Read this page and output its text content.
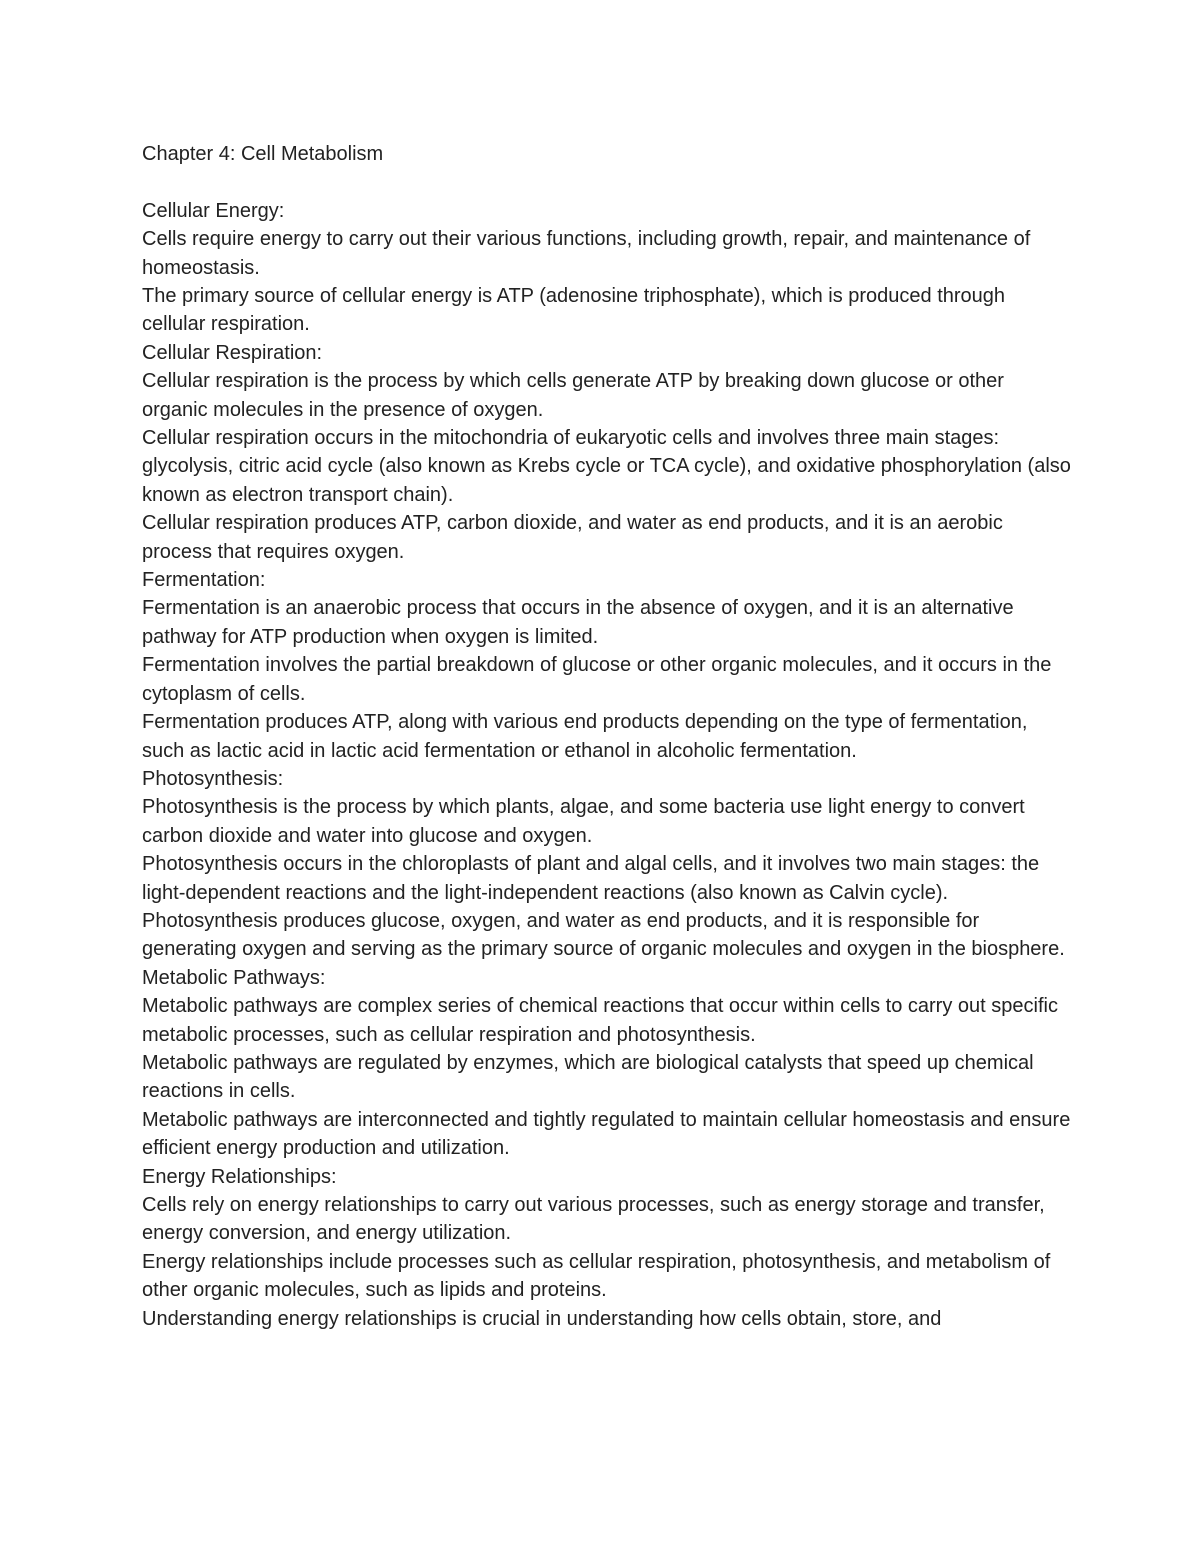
Chapter 4: Cell Metabolism

Cellular Energy:

Cells require energy to carry out their various functions, including growth, repair, and maintenance of homeostasis.

The primary source of cellular energy is ATP (adenosine triphosphate), which is produced through cellular respiration.

Cellular Respiration:

Cellular respiration is the process by which cells generate ATP by breaking down glucose or other organic molecules in the presence of oxygen.

Cellular respiration occurs in the mitochondria of eukaryotic cells and involves three main stages: glycolysis, citric acid cycle (also known as Krebs cycle or TCA cycle), and oxidative phosphorylation (also known as electron transport chain).

Cellular respiration produces ATP, carbon dioxide, and water as end products, and it is an aerobic process that requires oxygen.

Fermentation:

Fermentation is an anaerobic process that occurs in the absence of oxygen, and it is an alternative pathway for ATP production when oxygen is limited.

Fermentation involves the partial breakdown of glucose or other organic molecules, and it occurs in the cytoplasm of cells.

Fermentation produces ATP, along with various end products depending on the type of fermentation, such as lactic acid in lactic acid fermentation or ethanol in alcoholic fermentation.

Photosynthesis:

Photosynthesis is the process by which plants, algae, and some bacteria use light energy to convert carbon dioxide and water into glucose and oxygen.

Photosynthesis occurs in the chloroplasts of plant and algal cells, and it involves two main stages: the light-dependent reactions and the light-independent reactions (also known as Calvin cycle).

Photosynthesis produces glucose, oxygen, and water as end products, and it is responsible for generating oxygen and serving as the primary source of organic molecules and oxygen in the biosphere.

Metabolic Pathways:

Metabolic pathways are complex series of chemical reactions that occur within cells to carry out specific metabolic processes, such as cellular respiration and photosynthesis.

Metabolic pathways are regulated by enzymes, which are biological catalysts that speed up chemical reactions in cells.

Metabolic pathways are interconnected and tightly regulated to maintain cellular homeostasis and ensure efficient energy production and utilization.

Energy Relationships:

Cells rely on energy relationships to carry out various processes, such as energy storage and transfer, energy conversion, and energy utilization.

Energy relationships include processes such as cellular respiration, photosynthesis, and metabolism of other organic molecules, such as lipids and proteins.

Understanding energy relationships is crucial in understanding how cells obtain, store, and
